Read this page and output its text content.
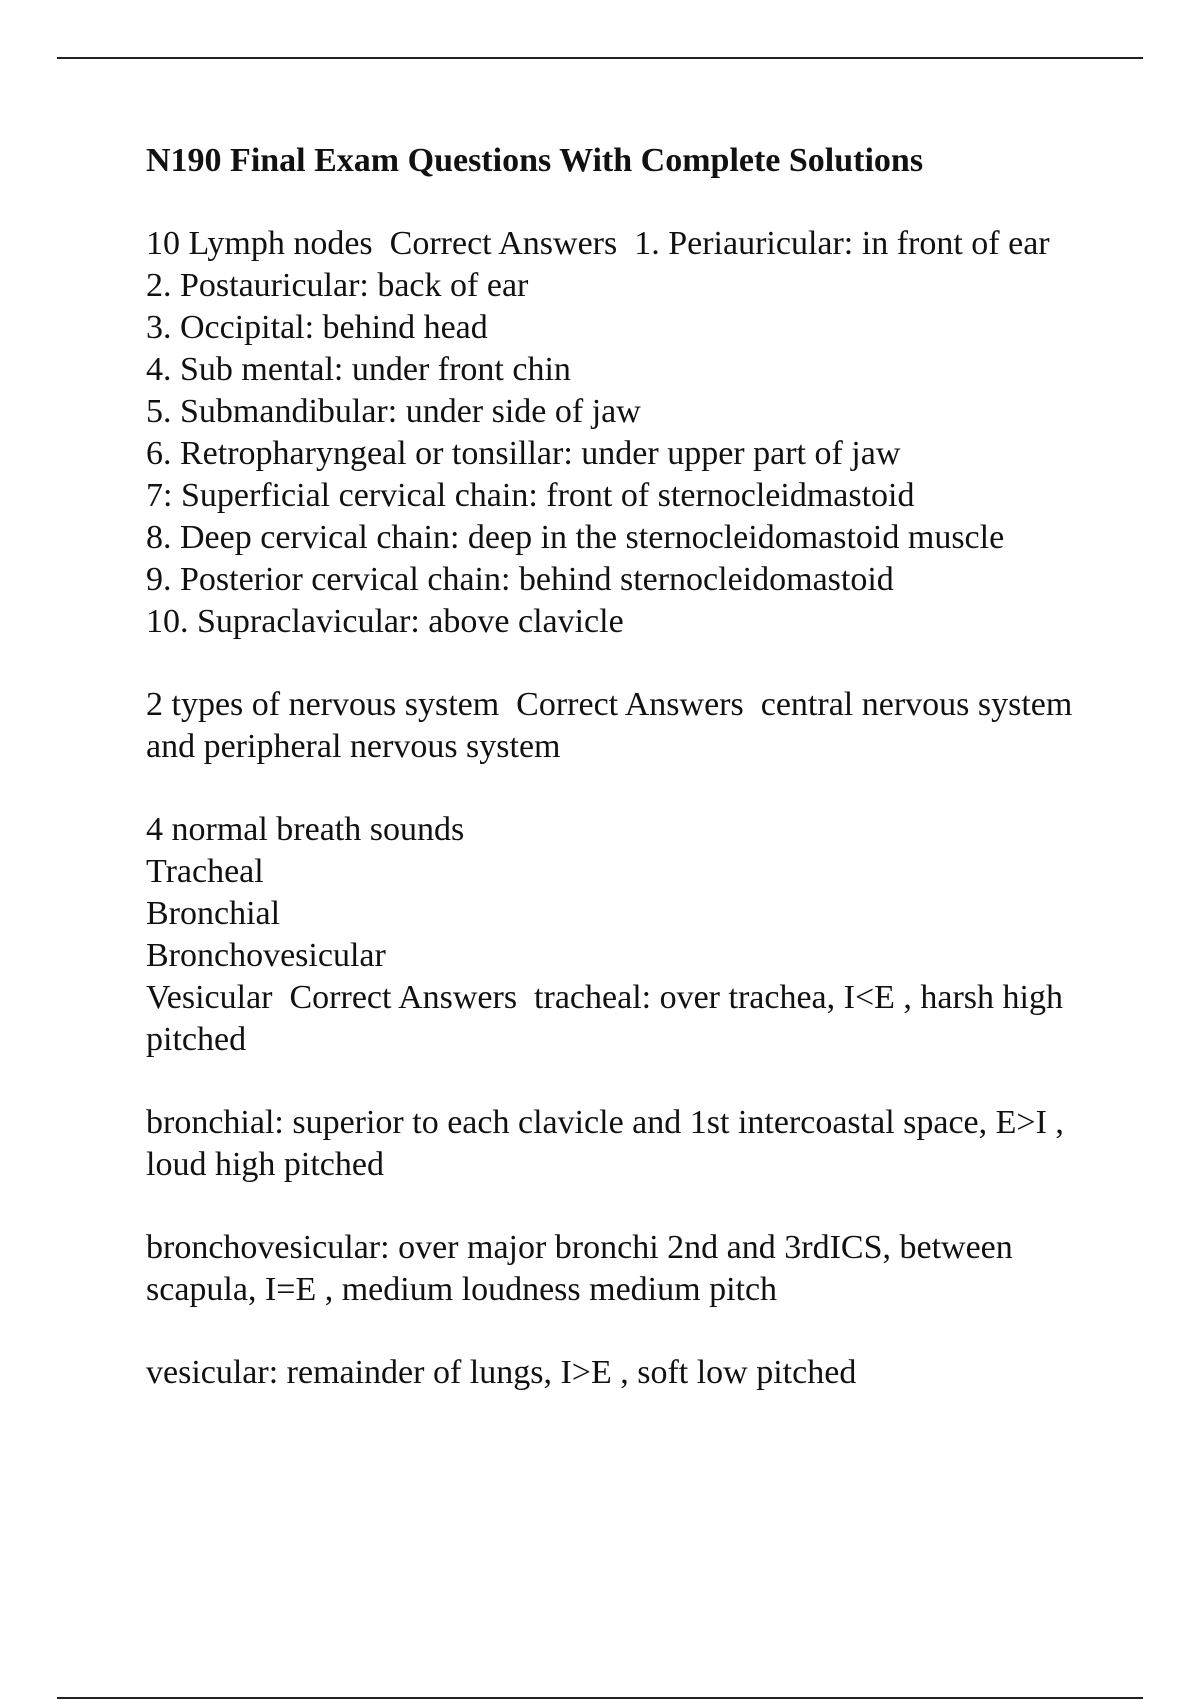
N190 Final Exam Questions With Complete Solutions
10 Lymph nodes  Correct Answers  1. Periauricular: in front of ear
2. Postauricular: back of ear
3. Occipital: behind head
4. Sub mental: under front chin
5. Submandibular: under side of jaw
6. Retropharyngeal or tonsillar: under upper part of jaw
7: Superficial cervical chain: front of sternocleidmastoid
8. Deep cervical chain: deep in the sternocleidomastoid muscle
9. Posterior cervical chain: behind sternocleidomastoid
10. Supraclavicular: above clavicle
2 types of nervous system  Correct Answers  central nervous system and peripheral nervous system
4 normal breath sounds
Tracheal
Bronchial
Bronchovesicular
Vesicular  Correct Answers  tracheal: over trachea, I<E , harsh high pitched
bronchial: superior to each clavicle and 1st intercoastal space, E>I , loud high pitched
bronchovesicular: over major bronchi 2nd and 3rdICS, between scapula, I=E , medium loudness medium pitch
vesicular: remainder of lungs, I>E , soft low pitched
